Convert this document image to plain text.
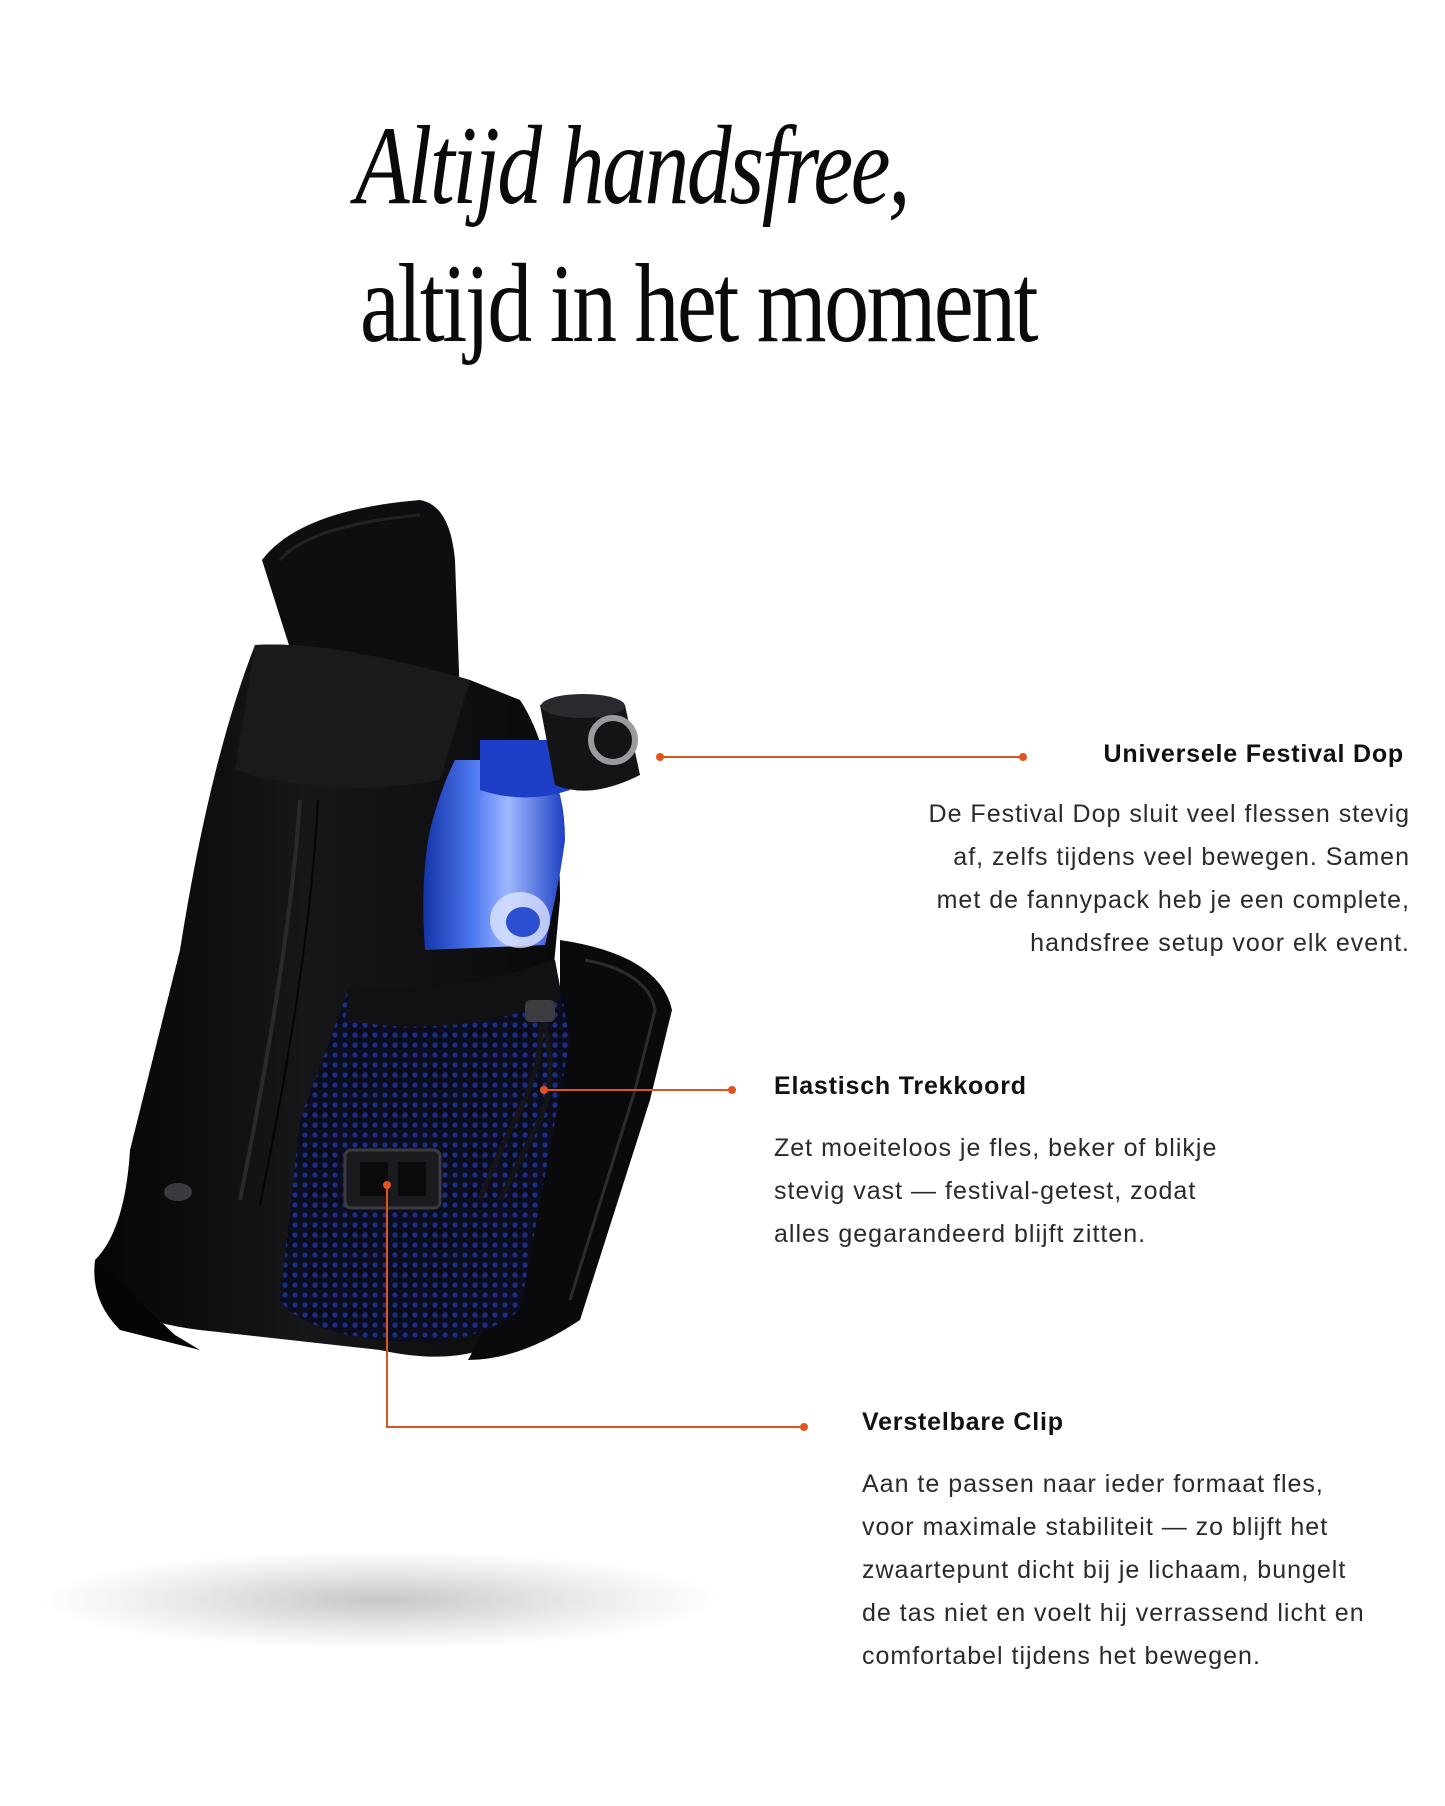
Altijd handsfree,
altijd in het moment

Universele Festival Dop

De Festival Dop sluit veel flessen stevig
af, zelfs tijdens veel bewegen. Samen
met de fannypack heb je een complete,
handsfree setup voor elk event.

Elastisch Trekkoord

Zet moeiteloos je fles, beker of blikje
stevig vast — festival-getest, zodat
alles gegarandeerd blijft zitten.

Verstelbare Clip

Aan te passen naar ieder formaat fles,
voor maximale stabiliteit — zo blijft het
zwaartepunt dicht bij je lichaam, bungelt
de tas niet en voelt hij verrassend licht en
comfortabel tijdens het bewegen.
